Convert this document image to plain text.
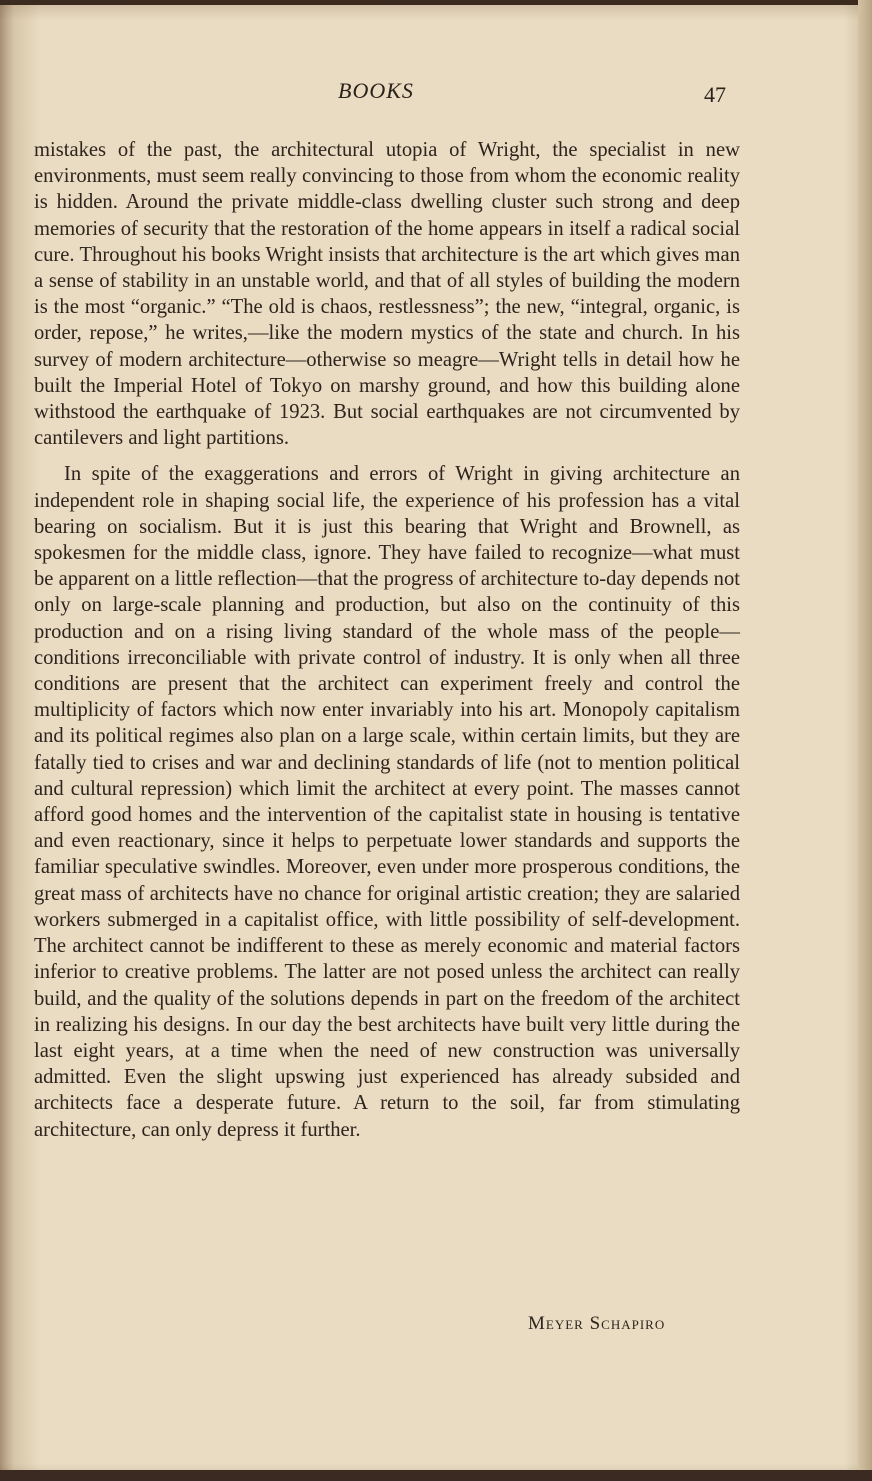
BOOKS	47

mistakes of the past, the architectural utopia of Wright, the specialist in new environments, must seem really convincing to those from whom the economic reality is hidden. Around the private middle-class dwelling cluster such strong and deep memories of security that the restoration of the home appears in itself a radical social cure. Throughout his books Wright insists that architecture is the art which gives man a sense of stability in an unstable world, and that of all styles of building the modern is the most “organic.” “The old is chaos, restlessness”; the new, “integral, organic, is order, repose,” he writes,—like the modern mystics of the state and church. In his survey of modern architecture—otherwise so meagre—Wright tells in detail how he built the Imperial Hotel of Tokyo on marshy ground, and how this building alone withstood the earthquake of 1923. But social earthquakes are not circumvented by cantilevers and light partitions.

In spite of the exaggerations and errors of Wright in giving architecture an independent role in shaping social life, the experience of his profession has a vital bearing on socialism. But it is just this bearing that Wright and Brownell, as spokesmen for the middle class, ignore. They have failed to recognize—what must be apparent on a little reflection—that the progress of architecture to-day depends not only on large-scale planning and production, but also on the continuity of this production and on a rising living standard of the whole mass of the people—conditions irreconciliable with private control of industry. It is only when all three conditions are present that the architect can experiment freely and control the multiplicity of factors which now enter invariably into his art. Monopoly capitalism and its political regimes also plan on a large scale, within certain limits, but they are fatally tied to crises and war and declining standards of life (not to mention political and cultural repression) which limit the architect at every point. The masses cannot afford good homes and the intervention of the capitalist state in housing is tentative and even reactionary, since it helps to perpetuate lower standards and supports the familiar speculative swindles. Moreover, even under more prosperous conditions, the great mass of architects have no chance for original artistic creation; they are salaried workers submerged in a capitalist office, with little possibility of self-development. The architect cannot be indifferent to these as merely economic and material factors inferior to creative problems. The latter are not posed unless the architect can really build, and the quality of the solutions depends in part on the freedom of the architect in realizing his designs. In our day the best architects have built very little during the last eight years, at a time when the need of new construction was universally admitted. Even the slight upswing just experienced has already subsided and architects face a desperate future. A return to the soil, far from stimulating architecture, can only depress it further.

Meyer Schapiro
